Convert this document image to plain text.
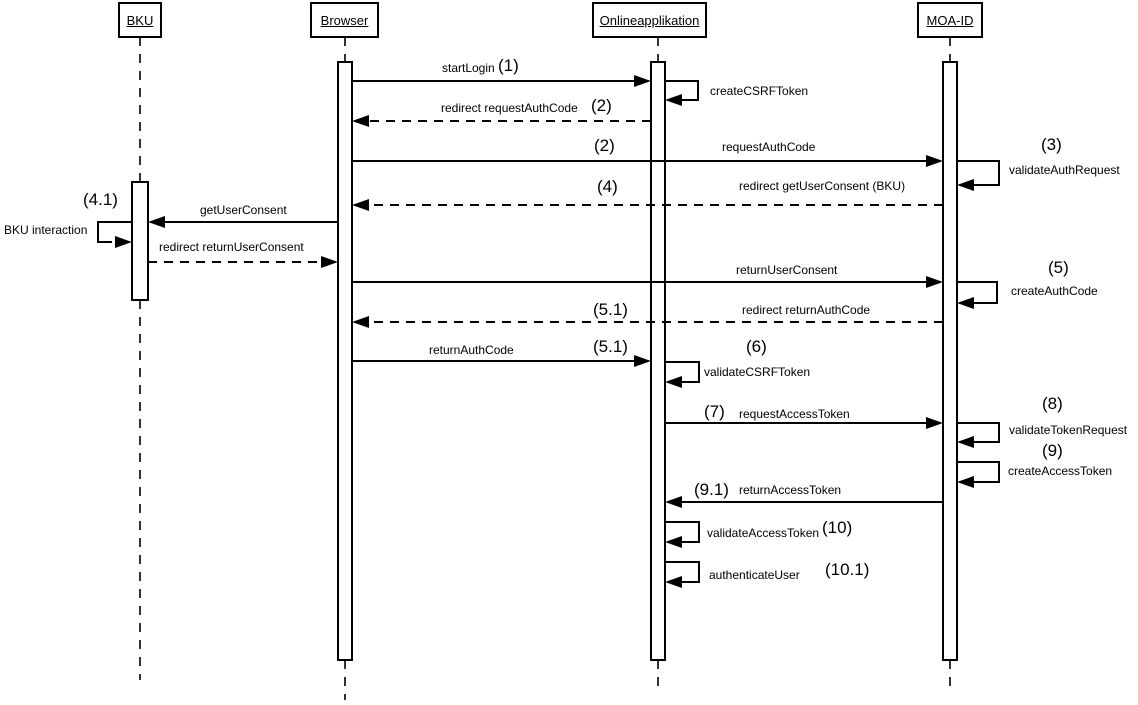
BKU	Browser	Onlineapplikation	MOA-ID
startLogin (1)
createCSRFToken
redirect requestAuthCode (2)
(2)	requestAuthCode	(3)
validateAuthRequest
(4)	redirect getUserConsent (BKU)
(4.1)
getUserConsent
BKU interaction
redirect returnUserConsent
returnUserConsent	(5)
createAuthCode
(5.1)	redirect returnAuthCode
returnAuthCode	(5.1)	(6)
validateCSRFToken
(7) requestAccessToken
(8)
validateTokenRequest
(9)
createAccessToken
(9.1) returnAccessToken
validateAccessToken (10)
authenticateUser (10.1)
